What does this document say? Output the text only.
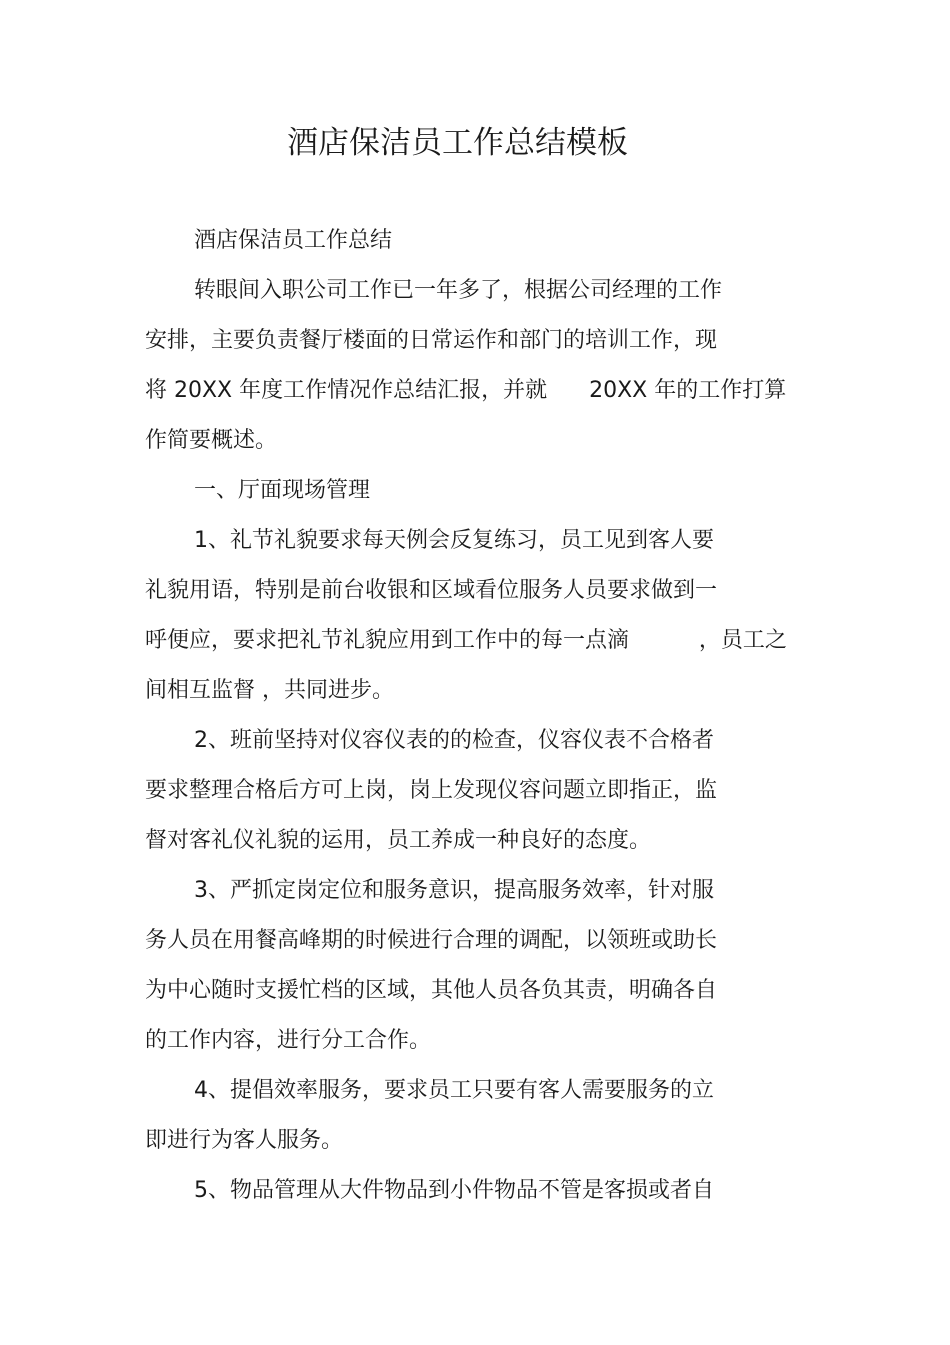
酒店保洁员工作总结模板
酒店保洁员工作总结
转眼间入职公司工作已一年多了，根据公司经理的工作
安排，主要负责餐厅楼面的日常运作和部门的培训工作，现
将 20XX 年度工作情况作总结汇报，并就      20XX 年的工作打算
作简要概述。
一、厅面现场管理
1、礼节礼貌要求每天例会反复练习，员工见到客人要
礼貌用语，特别是前台收银和区域看位服务人员要求做到一
呼便应，要求把礼节礼貌应用到工作中的每一点滴          ，员工之
间相互监督 ，共同进步。
2、班前坚持对仪容仪表的的检查，仪容仪表不合格者
要求整理合格后方可上岗，岗上发现仪容问题立即指正，监
督对客礼仪礼貌的运用，员工养成一种良好的态度。
3、严抓定岗定位和服务意识，提高服务效率，针对服
务人员在用餐高峰期的时候进行合理的调配，以领班或助长
为中心随时支援忙档的区域，其他人员各负其责，明确各自
的工作内容，进行分工合作。
4、提倡效率服务，要求员工只要有客人需要服务的立
即进行为客人服务。
5、物品管理从大件物品到小件物品不管是客损或者自
